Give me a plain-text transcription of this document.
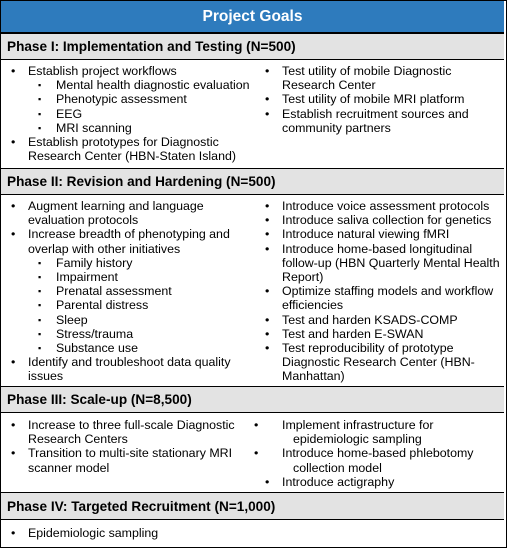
Project Goals
Phase I: Implementation and Testing (N=500)
• Establish project workflows
▪ Mental health diagnostic evaluation
▪ Phenotypic assessment
▪ EEG
▪ MRI scanning
• Establish prototypes for Diagnostic Research Center (HBN-Staten Island)
• Test utility of mobile Diagnostic Research Center
• Test utility of mobile MRI platform
• Establish recruitment sources and community partners
Phase II: Revision and Hardening (N=500)
• Augment learning and language evaluation protocols
• Increase breadth of phenotyping and overlap with other initiatives
▪ Family history
▪ Impairment
▪ Prenatal assessment
▪ Parental distress
▪ Sleep
▪ Stress/trauma
▪ Substance use
• Identify and troubleshoot data quality issues
• Introduce voice assessment protocols
• Introduce saliva collection for genetics
• Introduce natural viewing fMRI
• Introduce home-based longitudinal follow-up (HBN Quarterly Mental Health Report)
• Optimize staffing models and workflow efficiencies
• Test and harden KSADS-COMP
• Test and harden E-SWAN
• Test reproducibility of prototype Diagnostic Research Center (HBN-Manhattan)
Phase III: Scale-up (N=8,500)
• Increase to three full-scale Diagnostic Research Centers
• Transition to multi-site stationary MRI scanner model
• Implement infrastructure for epidemiologic sampling
• Introduce home-based phlebotomy collection model
• Introduce actigraphy
Phase IV: Targeted Recruitment (N=1,000)
• Epidemiologic sampling
